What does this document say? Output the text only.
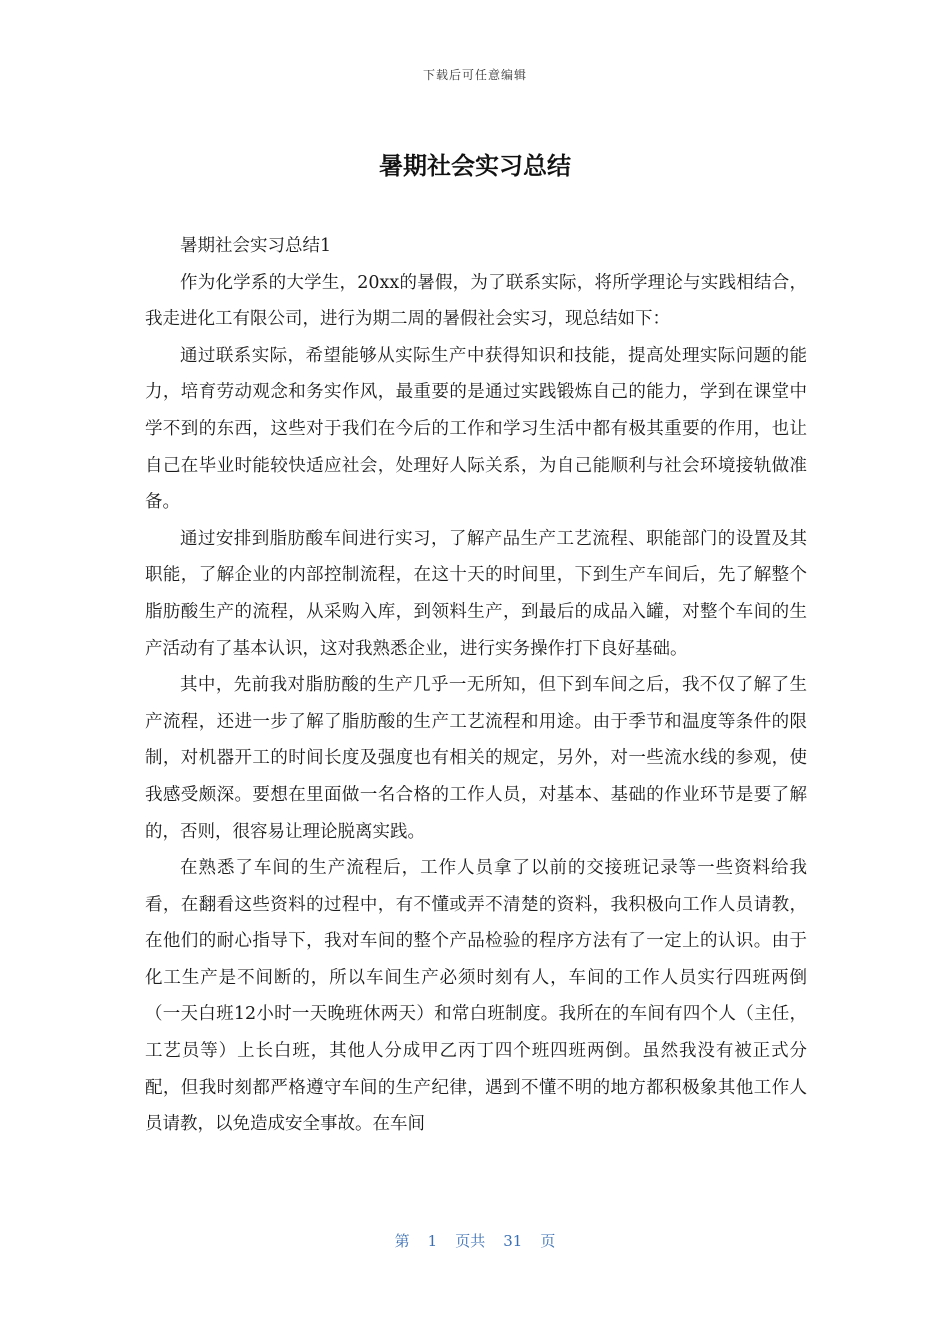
下载后可任意编辑
暑期社会实习总结

暑期社会实习总结1

作为化学系的大学生，20xx的暑假，为了联系实际，将所学理论与实践相结合，我走进化工有限公司，进行为期二周的暑假社会实习，现总结如下：

通过联系实际，希望能够从实际生产中获得知识和技能，提高处理实际问题的能力，培育劳动观念和务实作风，最重要的是通过实践锻炼自己的能力，学到在课堂中学不到的东西，这些对于我们在今后的工作和学习生活中都有极其重要的作用，也让自己在毕业时能较快适应社会，处理好人际关系，为自己能顺利与社会环境接轨做准备。

通过安排到脂肪酸车间进行实习，了解产品生产工艺流程、职能部门的设置及其职能，了解企业的内部控制流程，在这十天的时间里，下到生产车间后，先了解整个脂肪酸生产的流程，从采购入库，到领料生产，到最后的成品入罐，对整个车间的生产活动有了基本认识，这对我熟悉企业，进行实务操作打下良好基础。

其中，先前我对脂肪酸的生产几乎一无所知，但下到车间之后，我不仅了解了生产流程，还进一步了解了脂肪酸的生产工艺流程和用途。由于季节和温度等条件的限制，对机器开工的时间长度及强度也有相关的规定，另外，对一些流水线的参观，使我感受颇深。要想在里面做一名合格的工作人员，对基本、基础的作业环节是要了解的，否则，很容易让理论脱离实践。

在熟悉了车间的生产流程后，工作人员拿了以前的交接班记录等一些资料给我看，在翻看这些资料的过程中，有不懂或弄不清楚的资料，我积极向工作人员请教，在他们的耐心指导下，我对车间的整个产品检验的程序方法有了一定上的认识。由于化工生产是不间断的，所以车间生产必须时刻有人，车间的工作人员实行四班两倒（一天白班12小时一天晚班休两天）和常白班制度。我所在的车间有四个人（主任，工艺员等）上长白班，其他人分成甲乙丙丁四个班四班两倒。虽然我没有被正式分配，但我时刻都严格遵守车间的生产纪律，遇到不懂不明的地方都积极象其他工作人员请教，以免造成安全事故。在车间

第 1 页共 31 页
